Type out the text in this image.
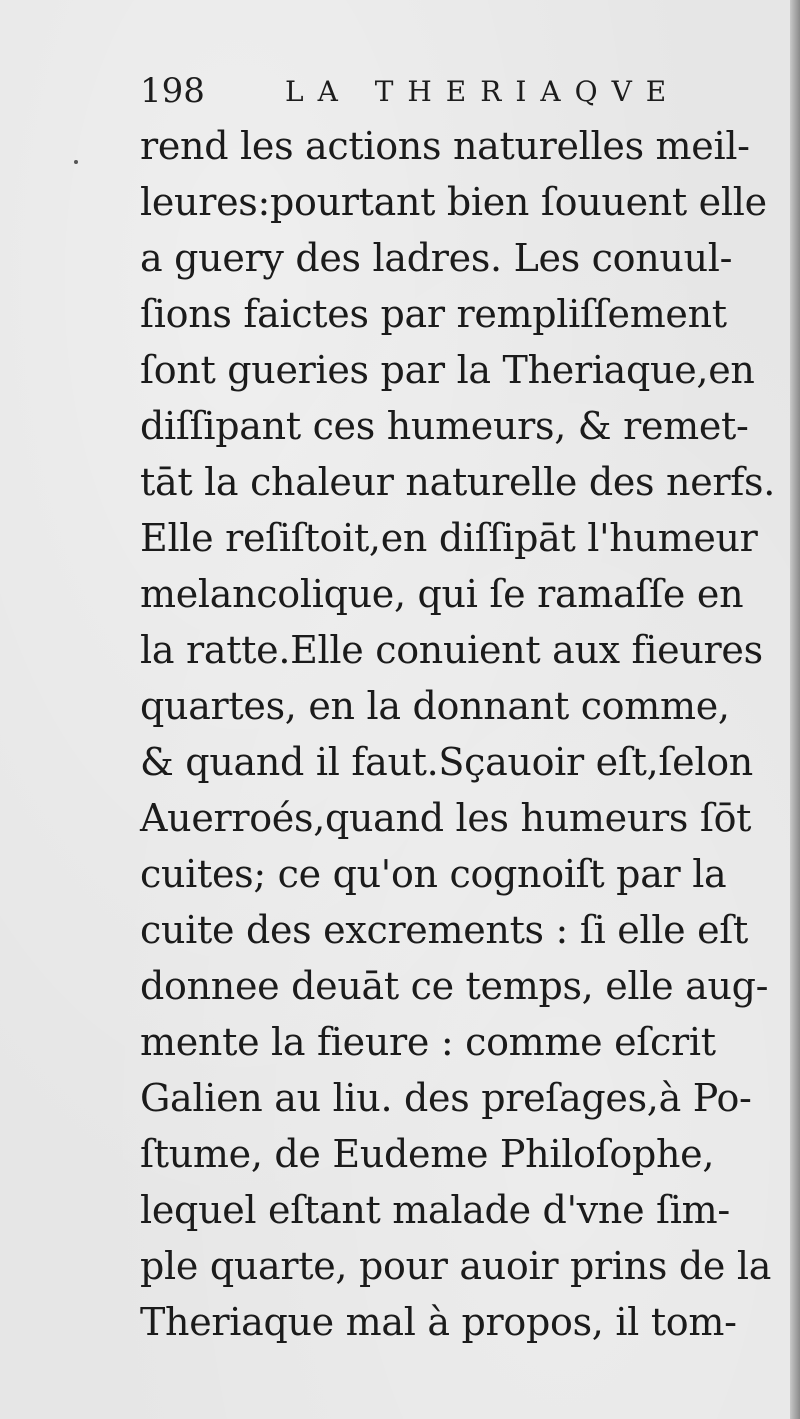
198	LA THERIAQVE
rend les actions naturelles meil-
leures:pourtant bien ſouuent elle
a guery des ladres. Les conuul-
ſions faictes par rempliſſement
ſont gueries par la Theriaque,en
diſſipant ces humeurs, & remet-
tāt la chaleur naturelle des nerfs.
Elle reſiſtoit,en diſſipāt l'humeur
melancolique, qui ſe ramaſſe en
la ratte.Elle conuient aux fieures
quartes, en la donnant comme,
& quand il faut.Sçauoir eſt,ſelon
Auerroés,quand les humeurs ſōt
cuites; ce qu'on cognoiſt par la
cuite des excrements : ſi elle eſt
donnee deuāt ce temps, elle aug-
mente la fieure : comme eſcrit
Galien au liu. des preſages,à Po-
ſtume, de Eudeme Philoſophe,
lequel eſtant malade d'vne ſim-
ple quarte, pour auoir prins de la
Theriaque mal à propos, il tom-
